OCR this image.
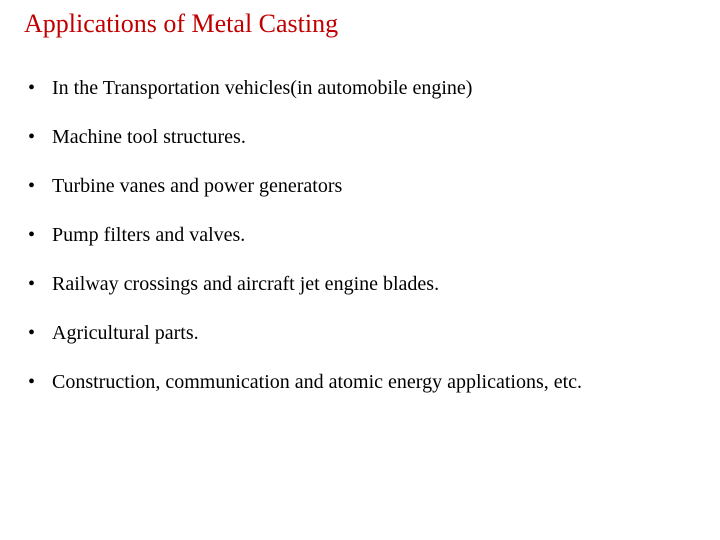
Applications of Metal Casting
• In the Transportation vehicles(in automobile engine)
• Machine tool structures.
• Turbine vanes and power generators
• Pump filters and valves.
• Railway crossings and aircraft jet engine blades.
• Agricultural parts.
• Construction, communication and atomic energy applications, etc.
